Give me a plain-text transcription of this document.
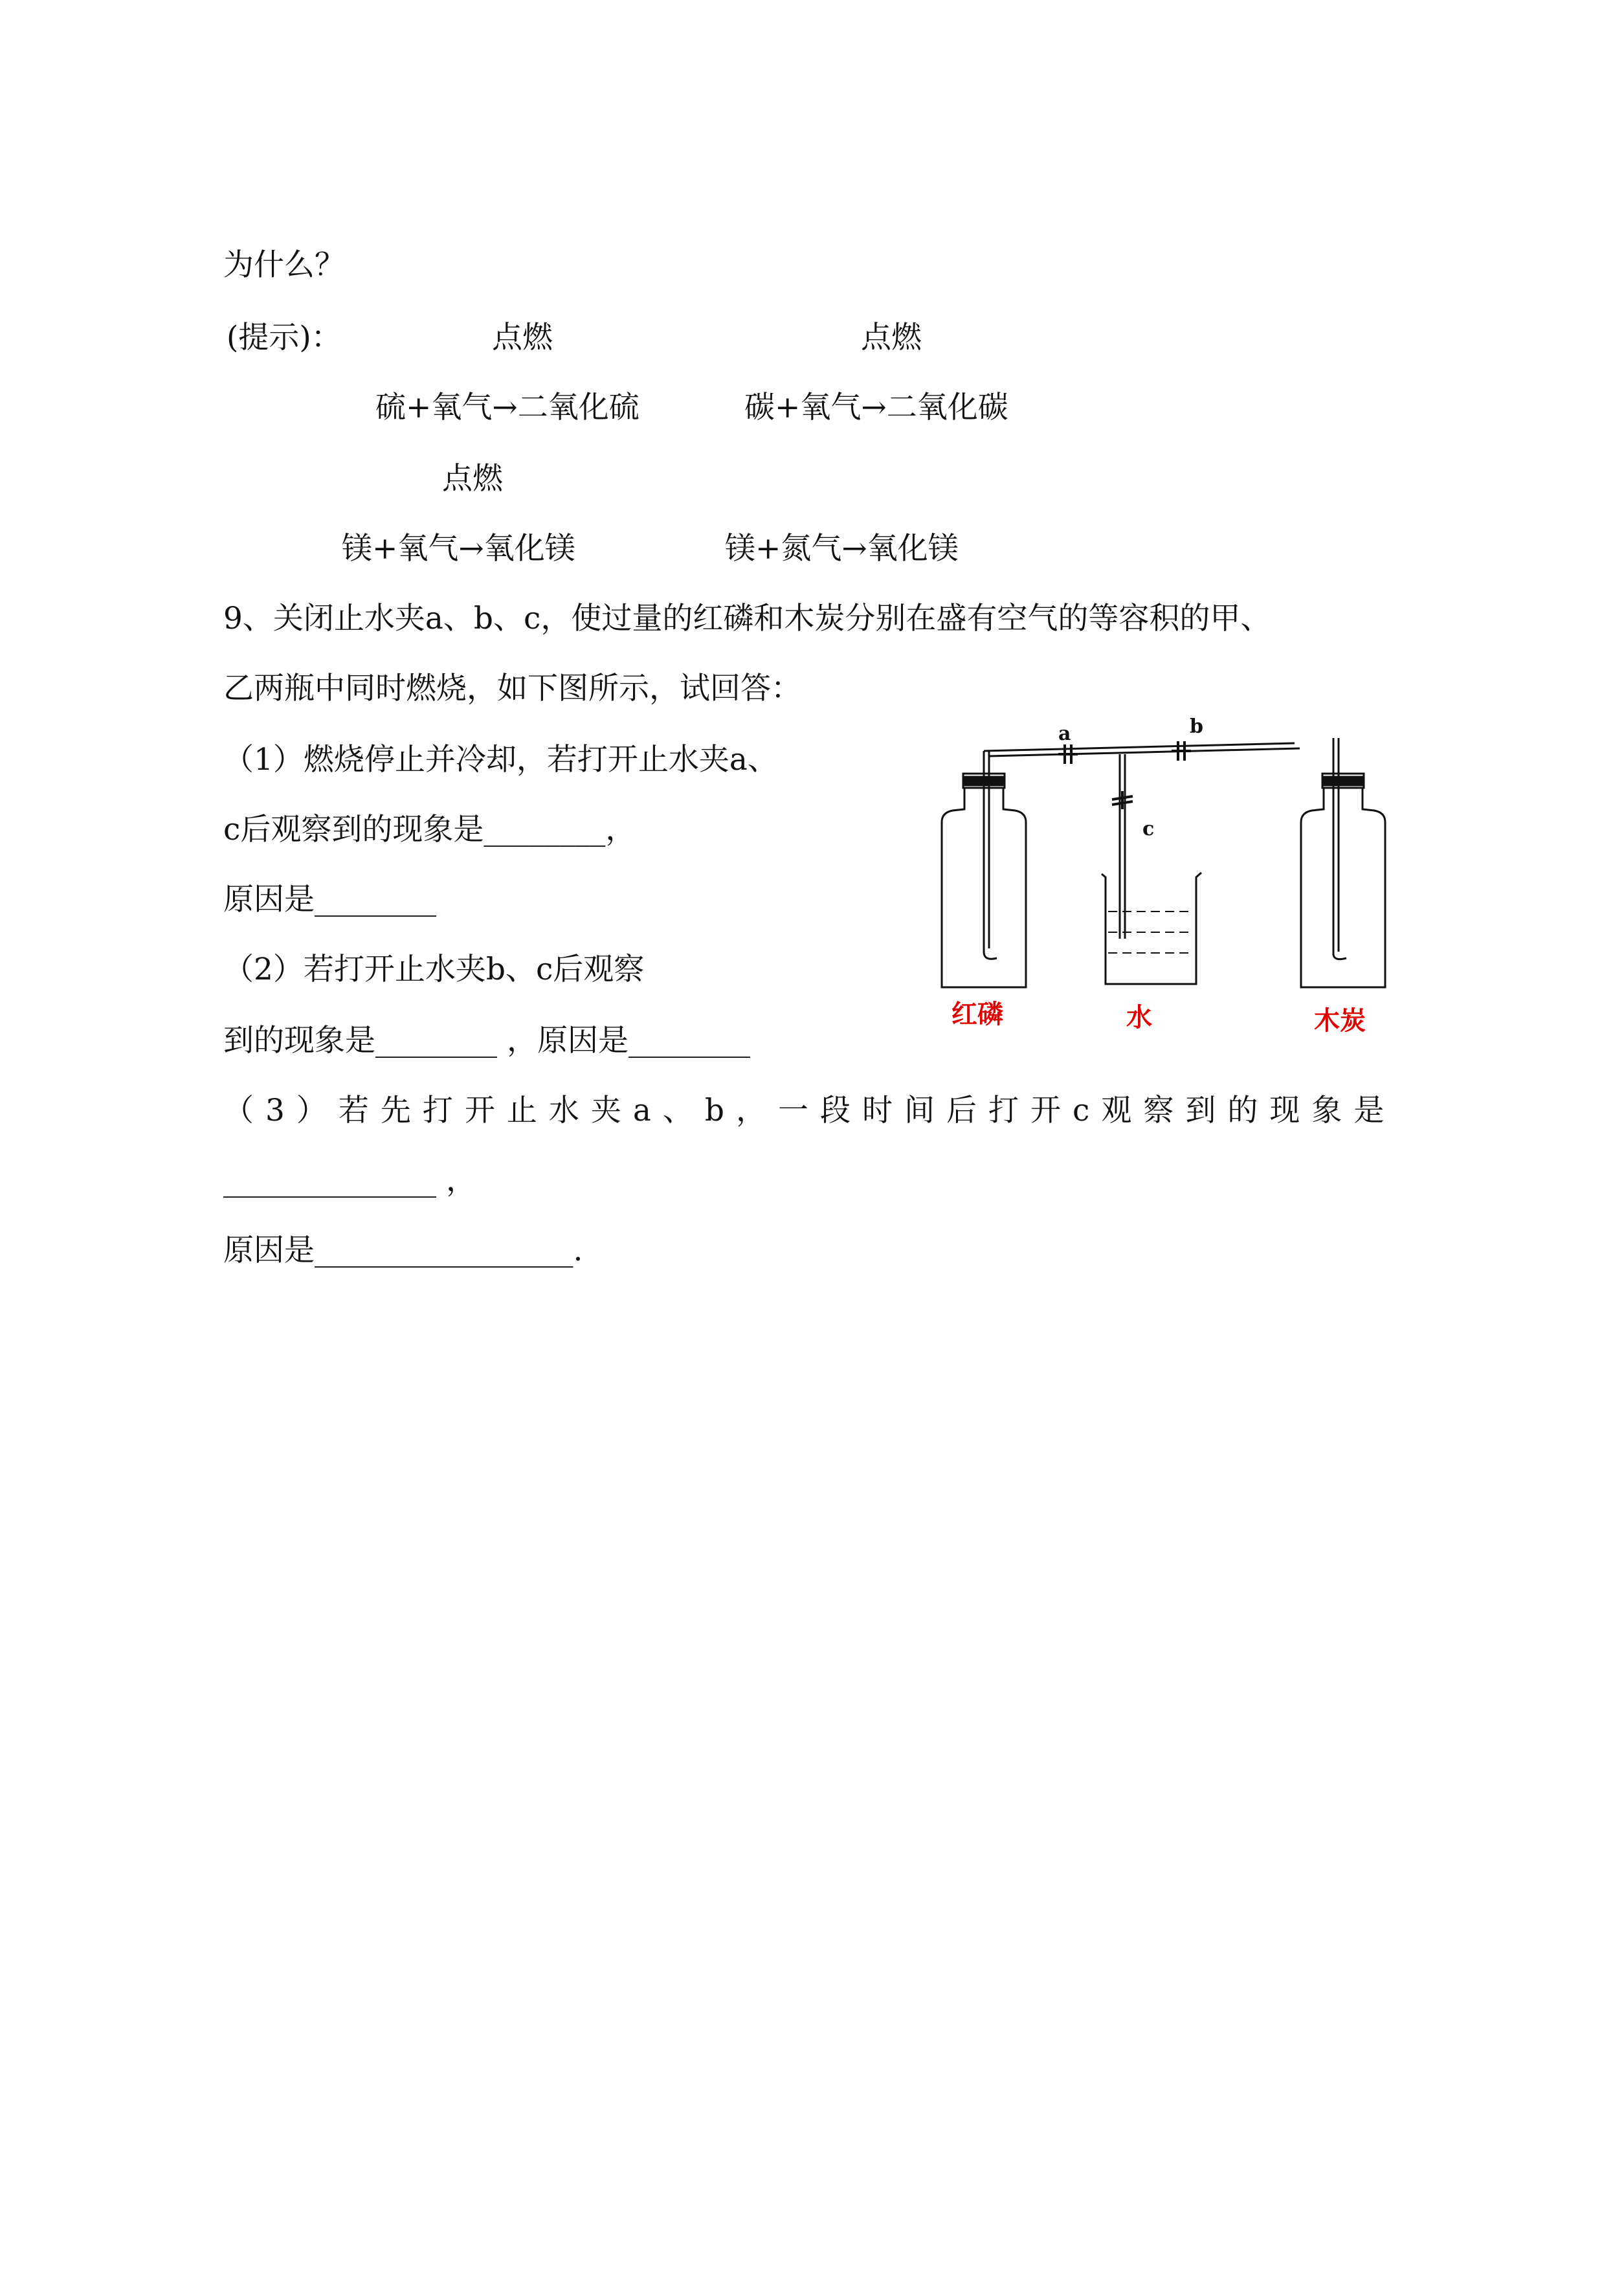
为什么？
(提示)：	点燃	点燃
硫+氧气→二氧化硫	碳+氧气→二氧化碳
点燃
镁+氧气→氧化镁	镁+氮气→氧化镁
9、关闭止水夹a、b、c，使过量的红磷和木炭分别在盛有空气的等容积的甲、
乙两瓶中同时燃烧，如下图所示，试回答：
（1）燃烧停止并冷却，若打开止水夹a、
c后观察到的现象是________，
原因是________
（2）若打开止水夹b、c后观察
到的现象是________ ，原因是________
（3）若先打开止水夹a、b，一段时间后打开c观察到的现象是
______________ ，
原因是_________________.
a	b
c
红磷	水	木炭
